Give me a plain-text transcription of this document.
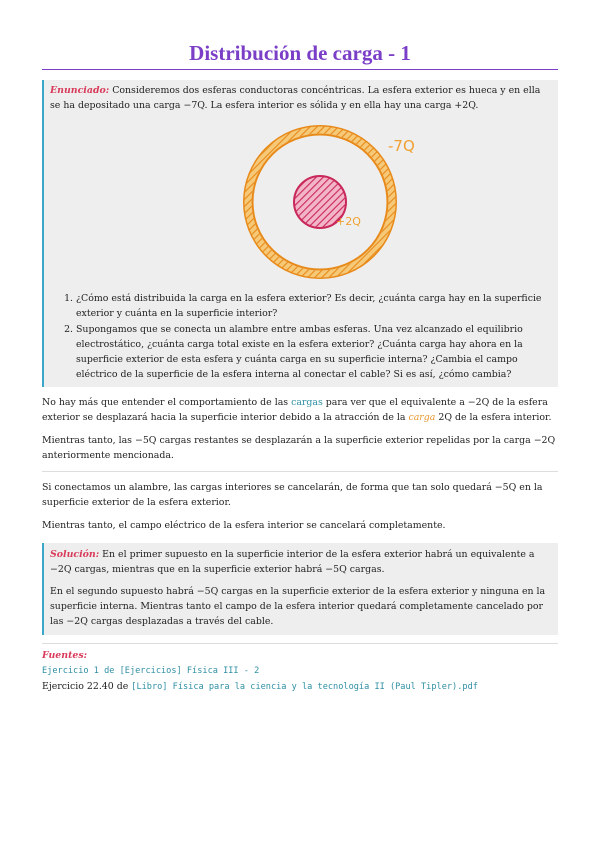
Distribución de carga - 1

Enunciado: Consideremos dos esferas conductoras concéntricas. La esfera exterior es hueca y en ella se ha depositado una carga −7Q. La esfera interior es sólida y en ella hay una carga +2Q.

-7Q
+2Q
1. ¿Cómo está distribuida la carga en la esfera exterior? Es decir, ¿cuánta carga hay en la superficie exterior y cuánta en la superficie interior?
2. Supongamos que se conecta un alambre entre ambas esferas. Una vez alcanzado el equilibrio electrostático, ¿cuánta carga total existe en la esfera exterior? ¿Cuánta carga hay ahora en la superficie exterior de esta esfera y cuánta carga en su superficie interna? ¿Cambia el campo eléctrico de la superficie de la esfera interna al conectar el cable? Si es así, ¿cómo cambia?

No hay más que entender el comportamiento de las cargas para ver que el equivalente a −2Q de la esfera exterior se desplazará hacia la superficie interior debido a la atracción de la carga 2Q de la esfera interior.

Mientras tanto, las −5Q cargas restantes se desplazarán a la superficie exterior repelidas por la carga −2Q anteriormente mencionada.

Si conectamos un alambre, las cargas interiores se cancelarán, de forma que tan solo quedará −5Q en la superficie exterior de la esfera exterior.

Mientras tanto, el campo eléctrico de la esfera interior se cancelará completamente.

Solución: En el primer supuesto en la superficie interior de la esfera exterior habrá un equivalente a −2Q cargas, mientras que en la superficie exterior habrá −5Q cargas.

En el segundo supuesto habrá −5Q cargas en la superficie exterior de la esfera exterior y ninguna en la superficie interna. Mientras tanto el campo de la esfera interior quedará completamente cancelado por las −2Q cargas desplazadas a través del cable.

Fuentes:
Ejercicio 1 de [Ejercicios] Física III - 2
Ejercicio 22.40 de [Libro] Física para la ciencia y la tecnología II (Paul Tipler).pdf
